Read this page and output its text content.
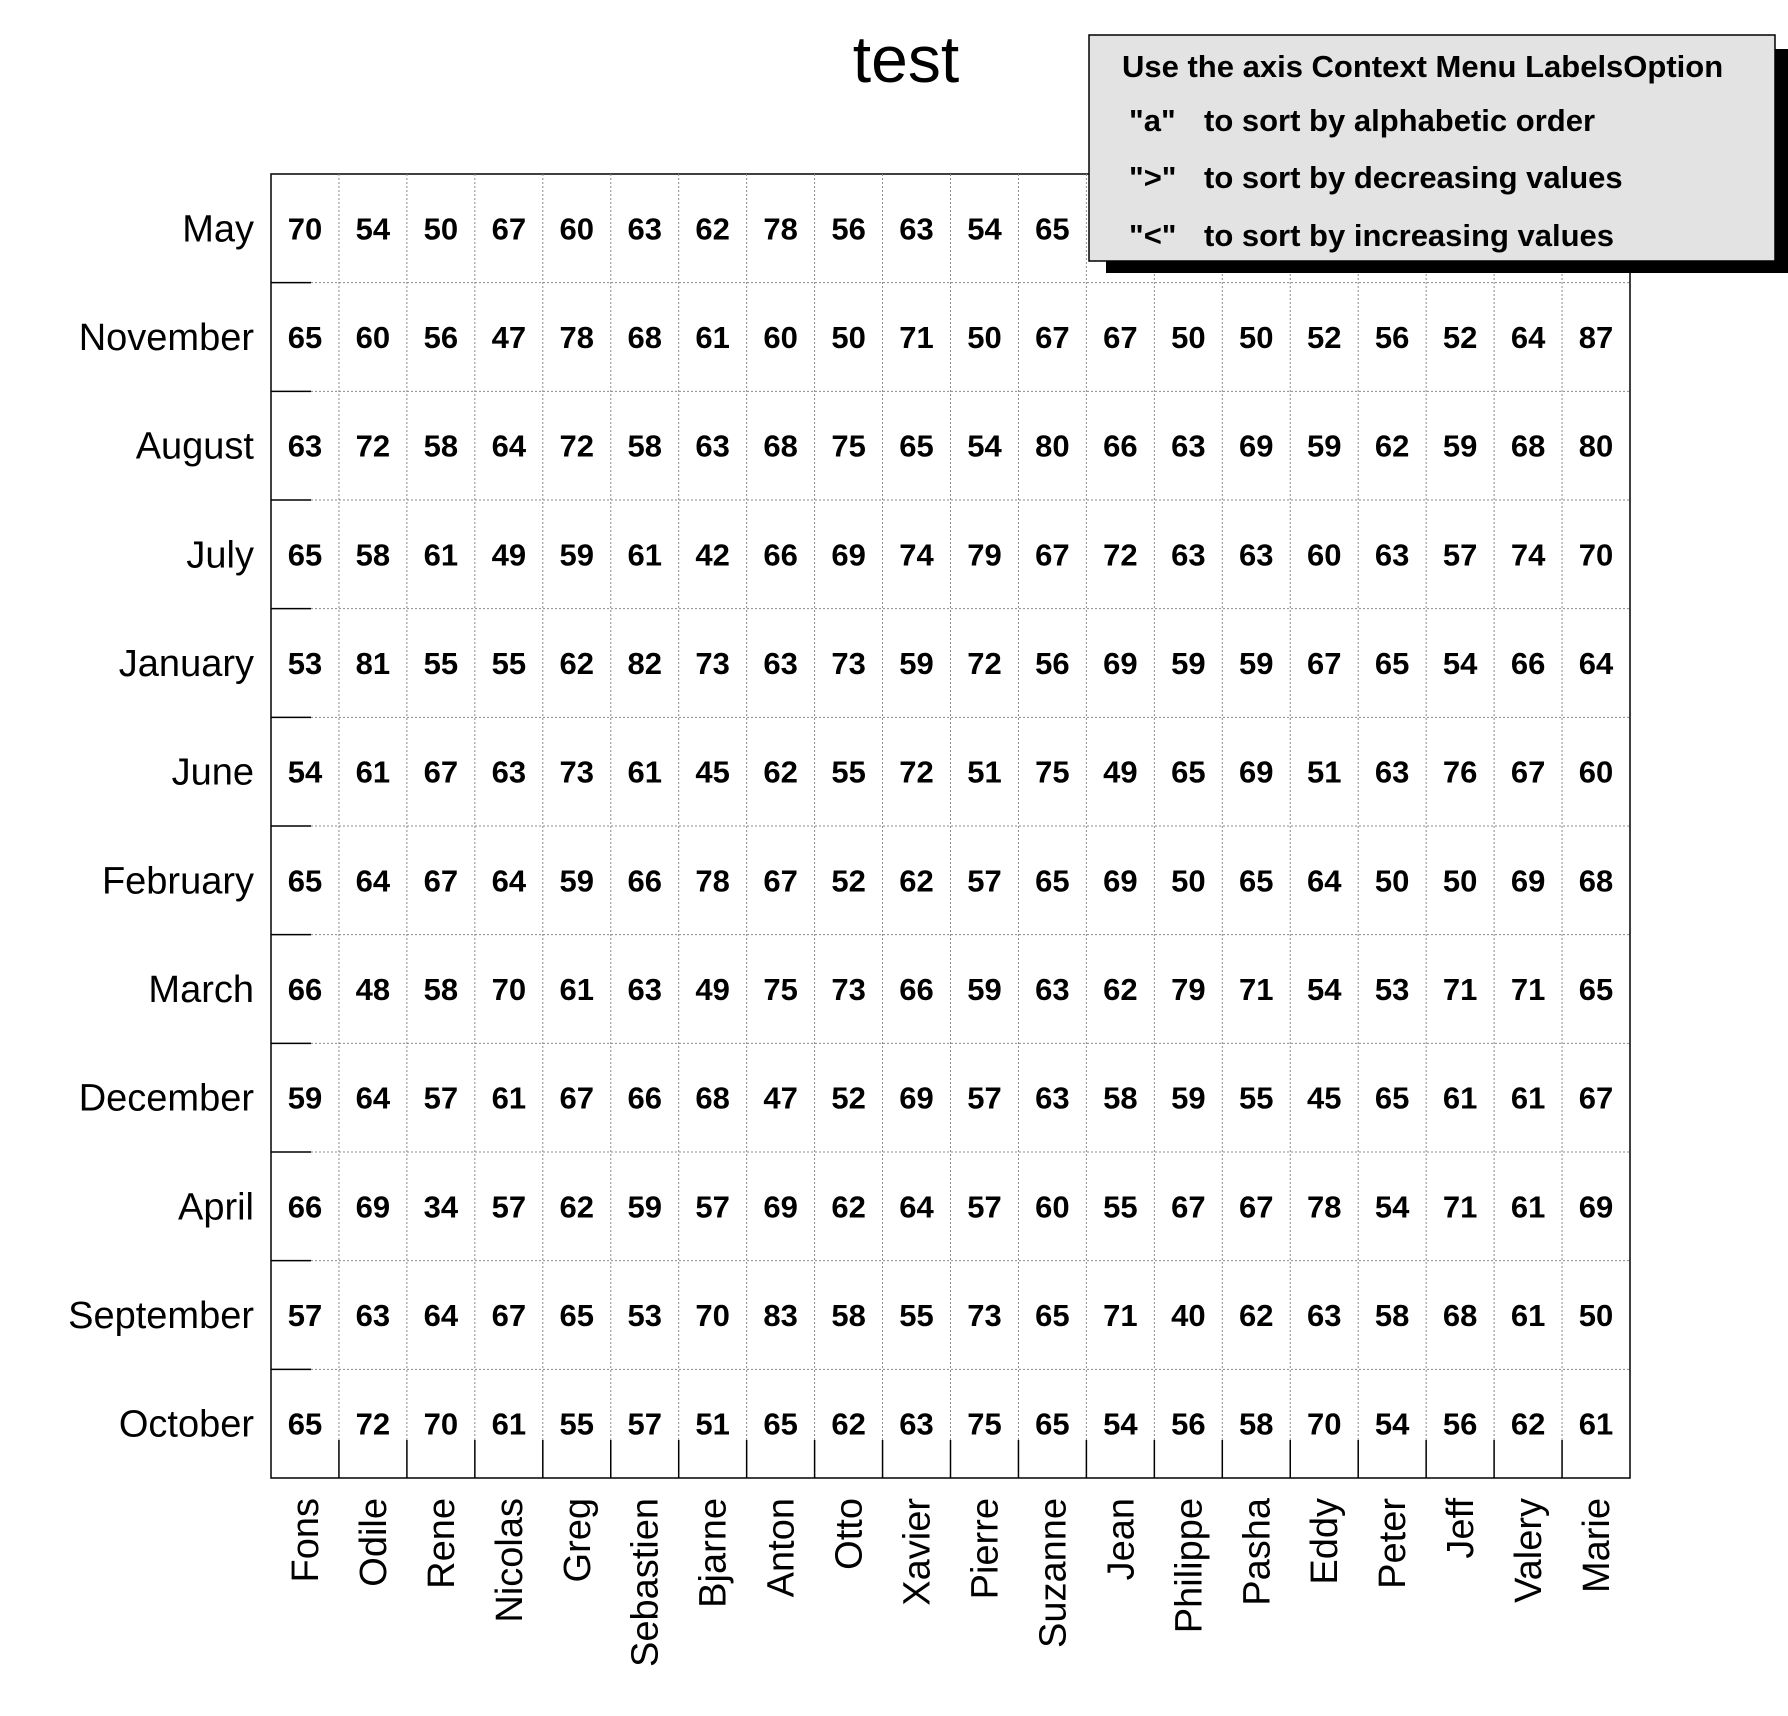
test
70 54 50 67 60 63 62 78 56 63 54 65
65 60 56 47 78 68 61 60 50 71 50 67 67 50 50 52 56 52 64 87
63 72 58 64 72 58 63 68 75 65 54 80 66 63 69 59 62 59 68 80
65 58 61 49 59 61 42 66 69 74 79 67 72 63 63 60 63 57 74 70
53 81 55 55 62 82 73 63 73 59 72 56 69 59 59 67 65 54 66 64
54 61 67 63 73 61 45 62 55 72 51 75 49 65 69 51 63 76 67 60
65 64 67 64 59 66 78 67 52 62 57 65 69 50 65 64 50 50 69 68
66 48 58 70 61 63 49 75 73 66 59 63 62 79 71 54 53 71 71 65
59 64 57 61 67 66 68 47 52 69 57 63 58 59 55 45 65 61 61 67
66 69 34 57 62 59 57 69 62 64 57 60 55 67 67 78 54 71 61 69
57 63 64 67 65 53 70 83 58 55 73 65 71 40 62 63 58 68 61 50
65 72 70 61 55 57 51 65 62 63 75 65 54 56 58 70 54 56 62 61
May
November
August
July
January
June
February
March
December
April
September
October
Fons Odile Rene Nicolas Greg Sebastien Bjarne Anton Otto Xavier Pierre Suzanne Jean Philippe Pasha Eddy Peter Jeff Valery Marie
Use the axis Context Menu LabelsOption
"a" to sort by alphabetic order
">" to sort by decreasing values
"<" to sort by increasing values
